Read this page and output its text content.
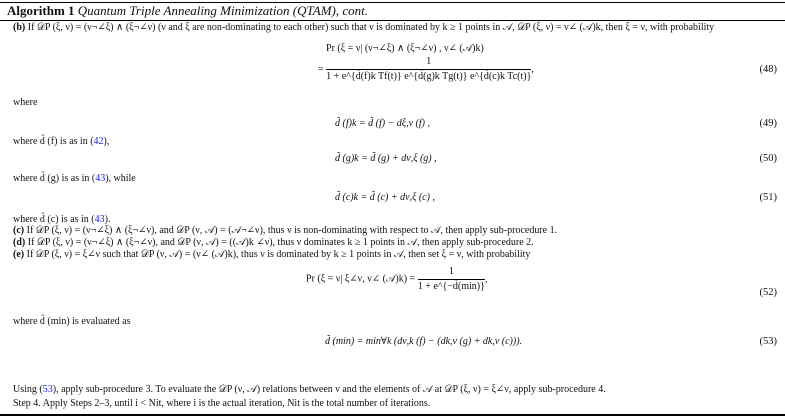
Algorithm 1 Quantum Triple Annealing Minimization (QTAM), cont.
(b) If 𝒟P (ξ, ν) = (ν¬∠ξ) ∧ (ξ¬∠ν) (ν and ξ are non-dominating to each other) such that ν is dominated by k ≥ 1 points in 𝒜, 𝒟P (ξ, ν) = ν∠ (𝒜)k, then ξ = ν, with probability
Pr (ξ = ν| (ν¬∠ξ) ∧ (ξ¬∠ν) , ν∠ (𝒜)k)
= $\frac{1}{\text{1 + e\textasciicircum{}\{d̃(f)k Tf(t)\} e\textasciicircum{}\{d̃(g)k Tg(t)\} e\textasciicircum{}\{d̃(c)k Tc(t)\}}}$ ,	(48)
where
d̃ (f)k = d̃ (f) − dξ,ν (f) ,	(49)
where d̃ (f) is as in (42),
d̃ (g)k = d̃ (g) + dν,ξ (g) ,	(50)
where d̃ (g) is as in (43), while
d̃ (c)k = d̃ (c) + dν,ξ (c) ,	(51)
where d̃ (c) is as in (43).
(c) If 𝒟P (ξ, ν) = (ν¬∠ξ) ∧ (ξ¬∠ν), and 𝒟P (ν, 𝒜) = (𝒜¬∠ν), thus ν is non-dominating with respect to 𝒜, then apply sub-procedure 1.
(d) If 𝒟P (ξ, ν) = (ν¬∠ξ) ∧ (ξ¬∠ν), and 𝒟P (ν, 𝒜) = ((𝒜)k ∠ν), thus ν dominates k ≥ 1 points in 𝒜, then apply sub-procedure 2.
(e) If 𝒟P (ξ, ν) = ξ∠ν such that 𝒟P (ν, 𝒜) = (ν∠ (𝒜)k), thus ν is dominated by k ≥ 1 points in 𝒜, then set ξ = ν, with probability
Pr (ξ = ν| ξ∠ν, ν∠ (𝒜)k) = $\frac{1}{1 + e\^{}\{-d̃(\min)\}}$ ,
(52)
where d̃ (min) is evaluated as
d̃ (min) = min∀k (dν,k (f) − (dk,ν (g) + dk,ν (c))).	(53)
Using (53), apply sub-procedure 3. To evaluate the 𝒟P (ν, 𝒜) relations between ν and the elements of 𝒜 at 𝒟P (ξ, ν) = ξ∠ν, apply sub-procedure 4.
Step 4. Apply Steps 2–3, until i < Nit, where i is the actual iteration, Nit is the total number of iterations.
